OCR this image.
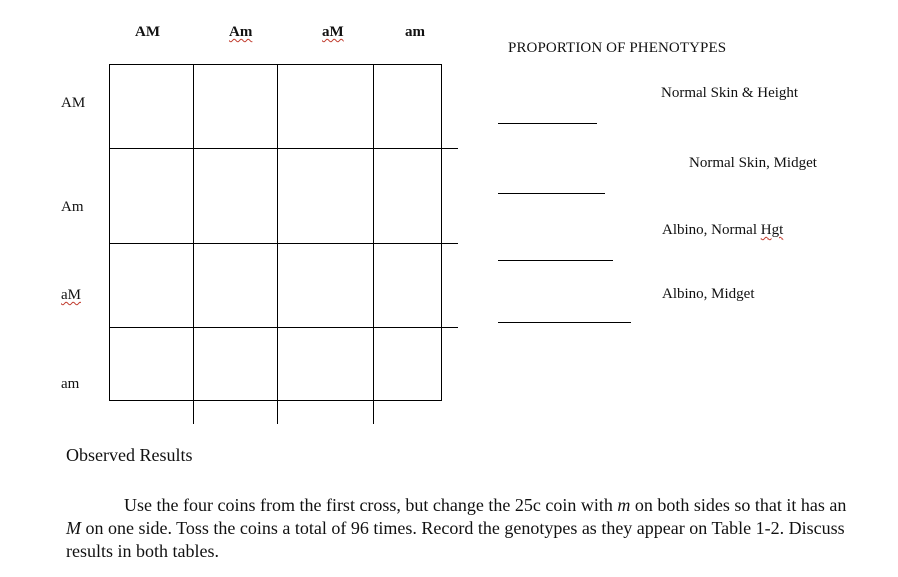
AM	Am	aM	am
AM
Am
aM
am
PROPORTION OF PHENOTYPES
Normal Skin & Height
Normal Skin, Midget
Albino, Normal Hgt
Albino, Midget
Observed Results
Use the four coins from the first cross, but change the 25c coin with m on both sides so that it has an M on one side. Toss the coins a total of 96 times. Record the genotypes as they appear on Table 1-2. Discuss results in both tables.
